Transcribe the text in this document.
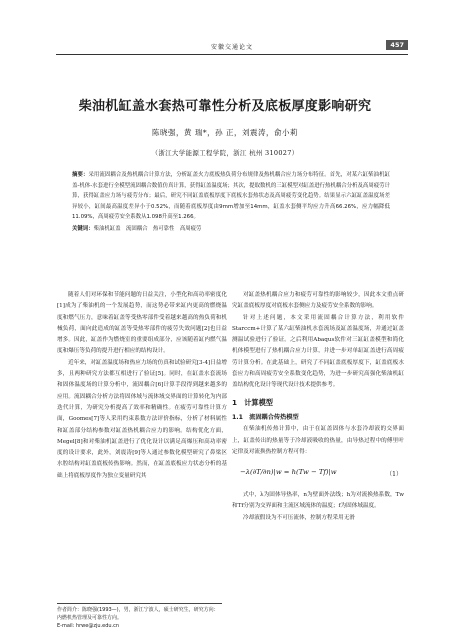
安徽交通论文	457
柴油机缸盖水套热可靠性分析及底板厚度影响研究
陈晓强，黄 瑞*，孙 正，刘震涛，俞小莉
（浙江大学能源工程学院，浙江 杭州 310027）
摘要：采用流固耦合及热机耦合计算方法，分析缸盖火力底板热负荷分布规律及热机耦合应力场分布特征。首先，对某六缸柴油机缸盖-机体-水套进行全模型流固耦合数值仿真计算，获得缸盖温度场；其次，提取数机的三缸模型对缸盖进行热机耦合分析及高周疲劳计算，获得缸盖应力场与疲劳分布；最后，研究不同缸盖底板厚度下底板水套热状态及高周疲劳变化趋势。结果显示六缸缸盖温度场差异较小，缸间最高温度差异小于0.52%，而随着底板厚度由9mm增加至14mm，缸盖水套侧平均应力升高66.26%，应力幅降低11.09%，高周疲劳安全系数从1.098升高至1.266。
关键词：柴油机缸盖　流固耦合　热可靠性　高周疲劳

随着人们对环保和节能问题的日益关注，小型化和高功率密度化[1]成为了柴油机的一个发展趋势，而这势必带来缸内更高的燃烧温度和燃气压力，意味着缸盖等受热零部件受着越来越高的热负荷和机械负荷，面向此造成的缸盖等受热零部件的疲劳失效问题[2]也日益增多。因此，缸盖作为燃烧室的重要组成部分，应该随着缸内燃气温度和爆压等负荷的提升进行相应的结构设计。

近年来，对缸盖温度场和热应力场的仿真和试验研究[3-4]日益增多，且两种研究方法都互相进行了验证[5]。同时，在缸盖水套流场和固体温度场的计算分析中，流固耦合[6]计算手段得到越来越多的应用。流固耦合分析方法将固体域与流体域交界面的计算转化为内部迭代计算，为研究分析提高了效率和精确性。在疲劳可靠性计算方面，Goomes[7]等人采用约束系数方法评价指标，分析了材料属性和缸盖部分结构参数对缸盖热机耦合应力的影响。结构优化方面，Megel[8]和对柴油机缸盖进行了优化设计以满足高爆压和高功率密度的设计要求，此外，刘震涛[9]等人通过参数化模型研究了鼻梁区水腔结构对缸盖底板传热影响。然而，在缸盖底板应力状态分析的基础上将底板厚度作为独立变量研究其

对缸盖热机耦合应力和疲劳可靠性的影响较少，因此本文重点研究缸盖底板厚度对底板水套侧应力及疲劳安全系数的影响。

针对上述问题，本文采用流固耦合计算方法，利用软件Starccm+计算了某六缸柴油机水套流场及缸盖温度场，并通过缸盖测温试验进行了验证。之后利用Abaqus软件对三缸缸盖模型和简化机体模型进行了热机耦合应力计算，并进一步对单缸缸盖进行高周疲劳计算分析。在此基础上，研究了不同缸盖底板厚度下，缸盖底板水套应力和高周疲劳安全系数变化趋势，为进一步研究高强化柴油机缸盖结构优化设计等现代设计技术提供参考。

1　计算模型
1.1　流固耦合传热模型

在柴油机传热计算中，由于在缸盖固体与水套冷却液的交界面上，缸盖传出的热量等于冷却液吸收的热量，由导热过程中的傅里叶定律及对流换热控制方程可得：

−λ(∂T/∂n)|w = h(Tw − Tf)|w	（1）

式中，λ为固体导热率，n为壁面外法线；h为对流换热系数，Tw和Tf分别为交界面和主流区域流体的温度；f为固体域温度。

冷却液假设为不可压流体，控制方程采用无滑

作者简介：陈晓强(1993—)，男，浙江宁波人，硕士研究生，研究方向：内燃机热管理及可靠性方向。
E-mail: hrwe@zju.edu.cn
